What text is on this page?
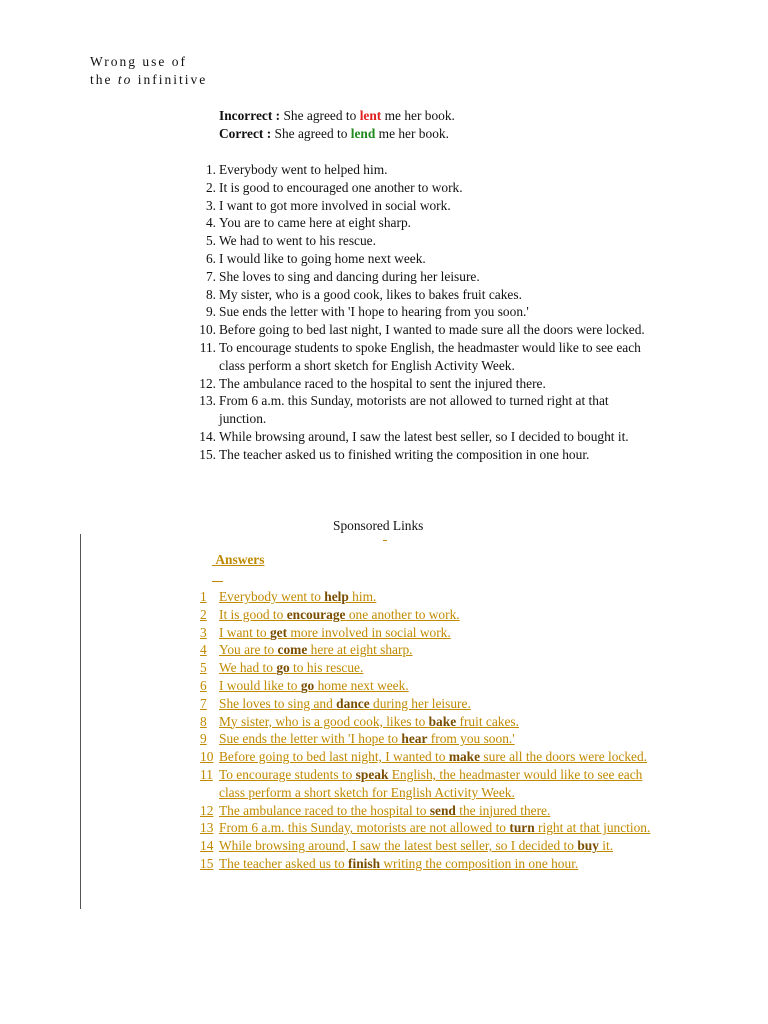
Wrong use of
the to infinitive
Incorrect : She agreed to lent me her book.
Correct : She agreed to lend me her book.
1. Everybody went to helped him.
2. It is good to encouraged one another to work.
3. I want to got more involved in social work.
4. You are to came here at eight sharp.
5. We had to went to his rescue.
6. I would like to going home next week.
7. She loves to sing and dancing during her leisure.
8. My sister, who is a good cook, likes to bakes fruit cakes.
9. Sue ends the letter with 'I hope to hearing from you soon.'
10. Before going to bed last night, I wanted to made sure all the doors were locked.
11. To encourage students to spoke English, the headmaster would like to see each class perform a short sketch for English Activity Week.
12. The ambulance raced to the hospital to sent the injured there.
13. From 6 a.m. this Sunday, motorists are not allowed to turned right at that junction.
14. While browsing around, I saw the latest best seller, so I decided to bought it.
15. The teacher asked us to finished writing the composition in one hour.
Sponsored Links
Answers
1 Everybody went to help him.
2 It is good to encourage one another to work.
3 I want to get more involved in social work.
4 You are to come here at eight sharp.
5 We had to go to his rescue.
6 I would like to go home next week.
7 She loves to sing and dance during her leisure.
8 My sister, who is a good cook, likes to bake fruit cakes.
9 Sue ends the letter with 'I hope to hear from you soon.'
10 Before going to bed last night, I wanted to make sure all the doors were locked.
11 To encourage students to speak English, the headmaster would like to see each class perform a short sketch for English Activity Week.
12 The ambulance raced to the hospital to send the injured there.
13 From 6 a.m. this Sunday, motorists are not allowed to turn right at that junction.
14 While browsing around, I saw the latest best seller, so I decided to buy it.
15 The teacher asked us to finish writing the composition in one hour.
